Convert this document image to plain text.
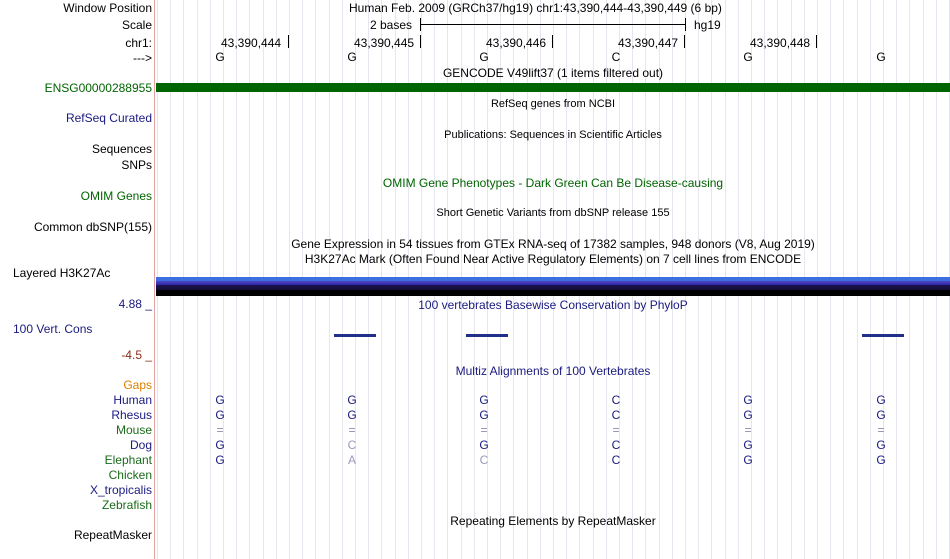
Window Position	Human Feb. 2009 (GRCh37/hg19) chr1:43,390,444-43,390,449 (6 bp)
Scale	2 bases	hg19
chr1:	43,390,444	43,390,445	43,390,446	43,390,447	43,390,448
--->	G	G	G	C	G	G
GENCODE V49lift37 (1 items filtered out)
ENSG00000288955
RefSeq genes from NCBI
RefSeq Curated
Publications: Sequences in Scientific Articles
Sequences
SNPs
OMIM Gene Phenotypes - Dark Green Can Be Disease-causing
OMIM Genes
Short Genetic Variants from dbSNP release 155
Common dbSNP(155)
Gene Expression in 54 tissues from GTEx RNA-seq of 17382 samples, 948 donors (V8, Aug 2019)
H3K27Ac Mark (Often Found Near Active Regulatory Elements) on 7 cell lines from ENCODE
Layered H3K27Ac
4.88 _	100 vertebrates Basewise Conservation by PhyloP
100 Vert. Cons
-4.5 _
Multiz Alignments of 100 Vertebrates
Gaps
Human	G	G	G	C	G	G
Rhesus	G	G	G	C	G	G
Mouse	=	=	=	=	=	=
Dog	G	C	G	C	G	G
Elephant	G	A	C	C	G	G
Chicken
X_tropicalis
Zebrafish
Repeating Elements by RepeatMasker
RepeatMasker
